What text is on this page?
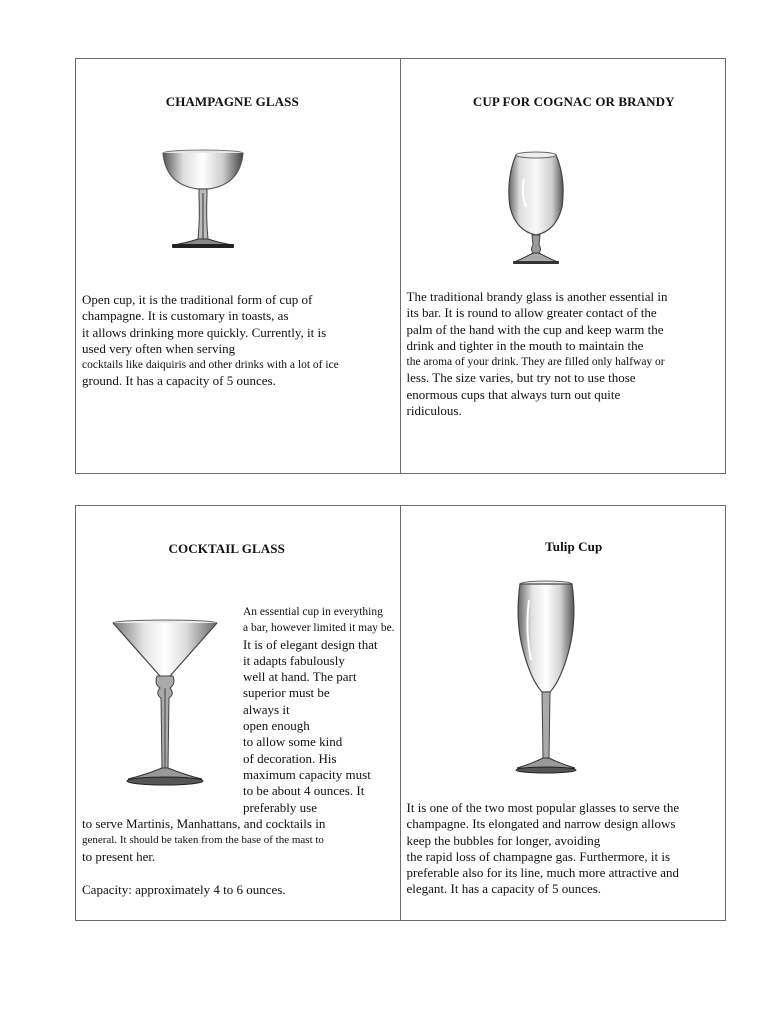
CHAMPAGNE GLASS
Open cup, it is the traditional form of cup of
champagne. It is customary in toasts, as
it allows drinking more quickly. Currently, it is
used very often when serving
cocktails like daiquiris and other drinks with a lot of ice
ground. It has a capacity of 5 ounces.
CUP FOR COGNAC OR BRANDY
The traditional brandy glass is another essential in
its bar. It is round to allow greater contact of the
palm of the hand with the cup and keep warm the
drink and tighter in the mouth to maintain the
the aroma of your drink. They are filled only halfway or
less. The size varies, but try not to use those
enormous cups that always turn out quite
ridiculous.
COCKTAIL GLASS
An essential cup in everything
a bar, however limited it may be.
It is of elegant design that
it adapts fabulously
well at hand. The part
superior must be
always it
open enough
to allow some kind
of decoration. His
maximum capacity must
to be about 4 ounces. It
preferably use
to serve Martinis, Manhattans, and cocktails in
general. It should be taken from the base of the mast to
to present her.
Capacity: approximately 4 to 6 ounces.
Tulip Cup
It is one of the two most popular glasses to serve the
champagne. Its elongated and narrow design allows
keep the bubbles for longer, avoiding
the rapid loss of champagne gas. Furthermore, it is
preferable also for its line, much more attractive and
elegant. It has a capacity of 5 ounces.
